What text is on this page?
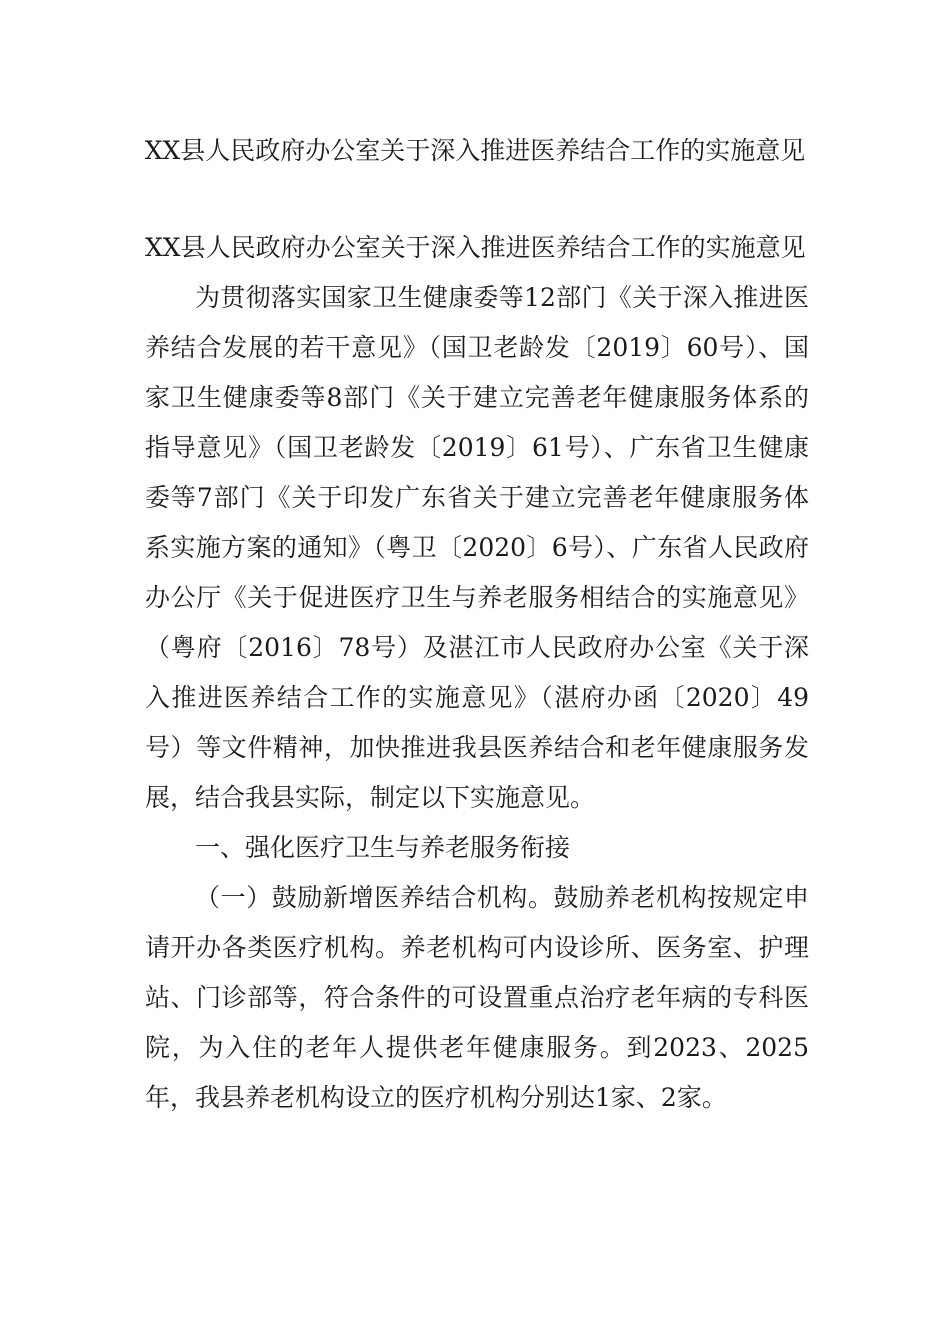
XX县人民政府办公室关于深入推进医养结合工作的实施意见

XX县人民政府办公室关于深入推进医养结合工作的实施意见

为贯彻落实国家卫生健康委等12部门《关于深入推进医养结合发展的若干意见》（国卫老龄发〔2019〕60号）、国家卫生健康委等8部门《关于建立完善老年健康服务体系的指导意见》（国卫老龄发〔2019〕61号）、广东省卫生健康委等7部门《关于印发广东省关于建立完善老年健康服务体系实施方案的通知》（粤卫〔2020〕6号）、广东省人民政府办公厅《关于促进医疗卫生与养老服务相结合的实施意见》（粤府〔2016〕78号）及湛江市人民政府办公室《关于深入推进医养结合工作的实施意见》（湛府办函〔2020〕49号）等文件精神，加快推进我县医养结合和老年健康服务发展，结合我县实际，制定以下实施意见。

一、强化医疗卫生与养老服务衔接

（一）鼓励新增医养结合机构。鼓励养老机构按规定申请开办各类医疗机构。养老机构可内设诊所、医务室、护理站、门诊部等，符合条件的可设置重点治疗老年病的专科医院，为入住的老年人提供老年健康服务。到2023、2025年，我县养老机构设立的医疗机构分别达1家、2家。
